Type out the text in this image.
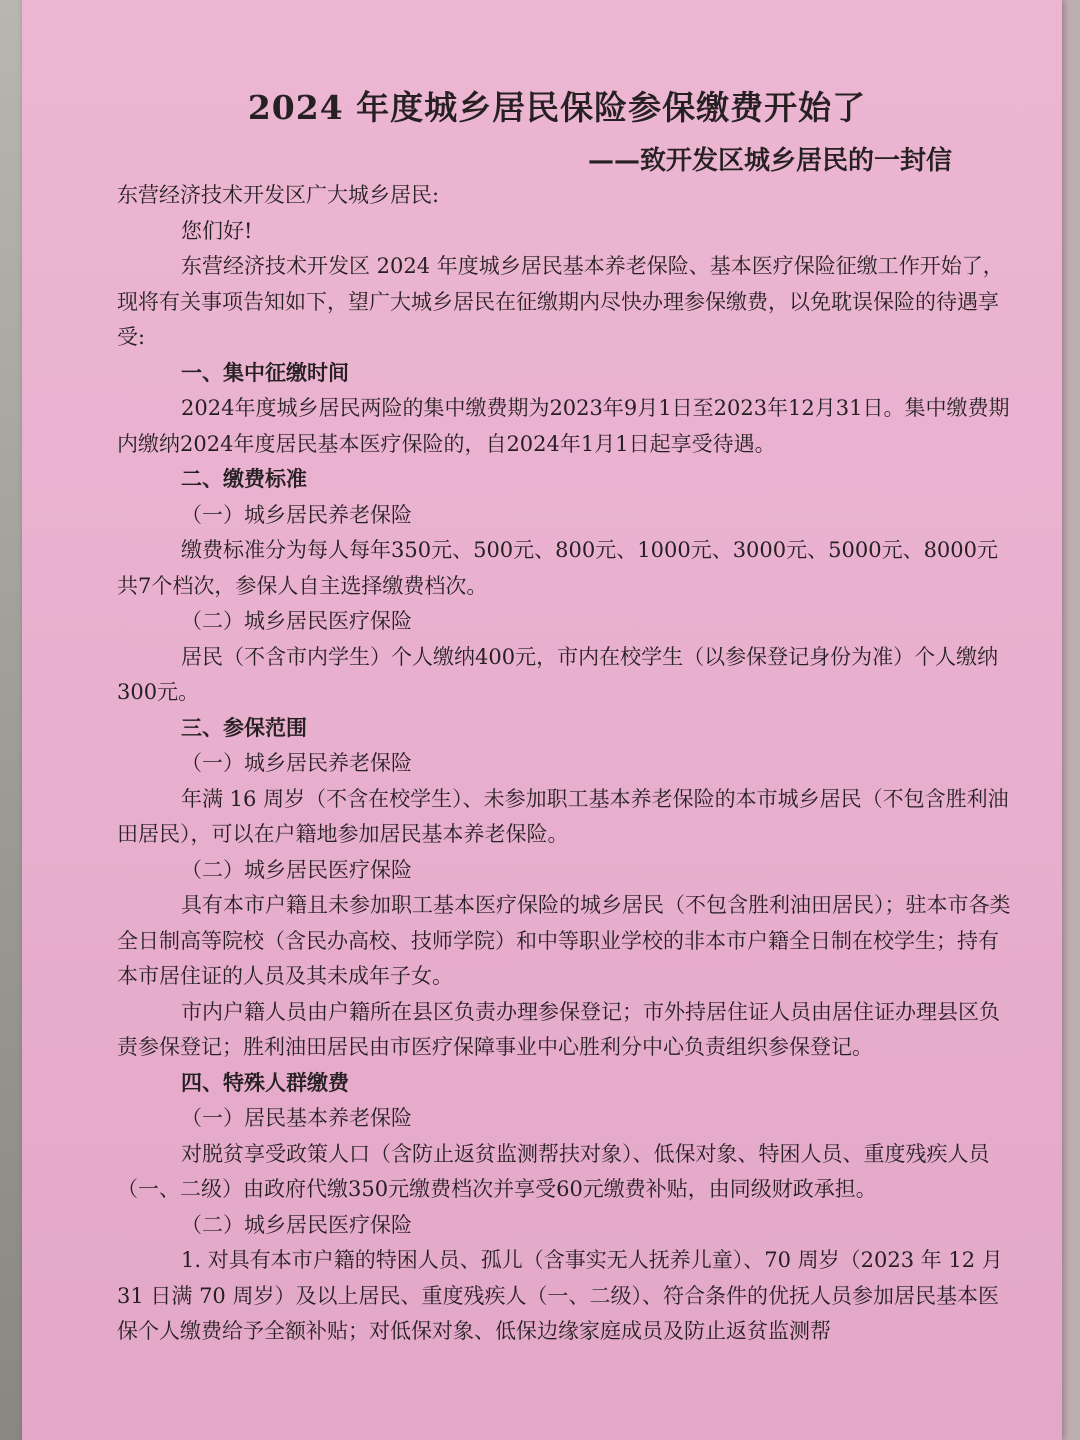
2024 年度城乡居民保险参保缴费开始了
——致开发区城乡居民的一封信

东营经济技术开发区广大城乡居民:

您们好!

东营经济技术开发区 2024 年度城乡居民基本养老保险、基本医疗保险征缴工作开始了，现将有关事项告知如下，望广大城乡居民在征缴期内尽快办理参保缴费，以免耽误保险的待遇享受:

一、集中征缴时间

2024年度城乡居民两险的集中缴费期为2023年9月1日至2023年12月31日。集中缴费期内缴纳2024年度居民基本医疗保险的，自2024年1月1日起享受待遇。

二、缴费标准

（一）城乡居民养老保险

缴费标准分为每人每年350元、500元、800元、1000元、3000元、5000元、8000元共7个档次，参保人自主选择缴费档次。

（二）城乡居民医疗保险

居民（不含市内学生）个人缴纳400元，市内在校学生（以参保登记身份为准）个人缴纳300元。

三、参保范围

（一）城乡居民养老保险

年满 16 周岁（不含在校学生）、未参加职工基本养老保险的本市城乡居民（不包含胜利油田居民），可以在户籍地参加居民基本养老保险。

（二）城乡居民医疗保险

具有本市户籍且未参加职工基本医疗保险的城乡居民（不包含胜利油田居民）；驻本市各类全日制高等院校（含民办高校、技师学院）和中等职业学校的非本市户籍全日制在校学生；持有本市居住证的人员及其未成年子女。

市内户籍人员由户籍所在县区负责办理参保登记；市外持居住证人员由居住证办理县区负责参保登记；胜利油田居民由市医疗保障事业中心胜利分中心负责组织参保登记。

四、特殊人群缴费

（一）居民基本养老保险

对脱贫享受政策人口（含防止返贫监测帮扶对象）、低保对象、特困人员、重度残疾人员（一、二级）由政府代缴350元缴费档次并享受60元缴费补贴，由同级财政承担。

（二）城乡居民医疗保险

1. 对具有本市户籍的特困人员、孤儿（含事实无人抚养儿童）、70 周岁（2023 年 12 月 31 日满 70 周岁）及以上居民、重度残疾人（一、二级）、符合条件的优抚人员参加居民基本医保个人缴费给予全额补贴；对低保对象、低保边缘家庭成员及防止返贫监测帮
